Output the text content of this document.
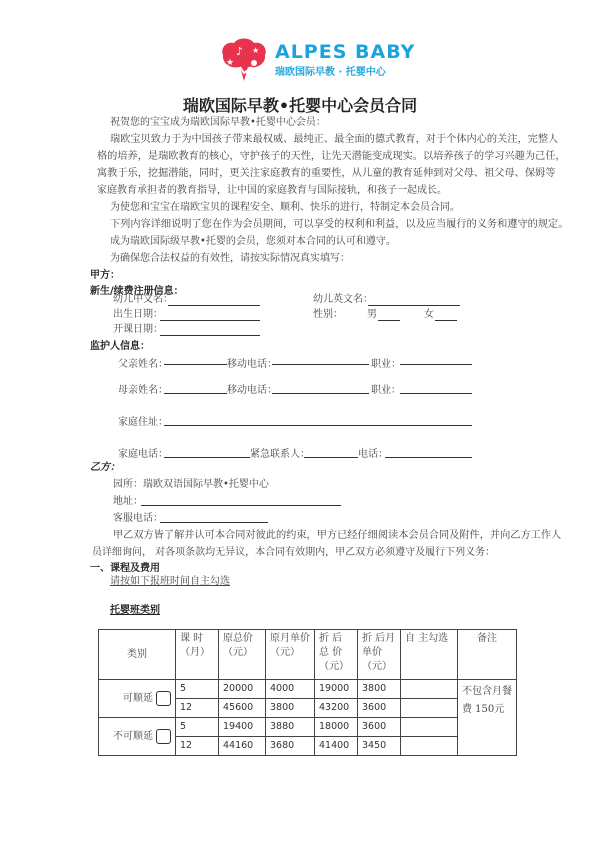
♪
★
★ ALPES BABY
瑞欧国际早教 · 托婴中心
瑞欧国际早教•托婴中心会员合同
祝贺您的宝宝成为瑞欧国际早教•托婴中心会员：
瑞欧宝贝致力于为中国孩子带来最权威、最纯正、最全面的德式教育，对于个体内心的关注，完整人
格的培养，是瑞欧教育的核心，守护孩子的天性，让先天潜能变成现实。以培养孩子的学习兴趣为己任，
寓教于乐，挖掘潜能，同时，更关注家庭教育的重要性，从儿童的教育延伸到对父母、祖父母、保姆等
家庭教育承担者的教育指导，让中国的家庭教育与国际接轨，和孩子一起成长。
为使您和宝宝在瑞欧宝贝的课程安全、顺利、快乐的进行，特制定本会员合同。
下列内容详细说明了您在作为会员期间，可以享受的权利和利益，以及应当履行的义务和遵守的规定。
成为瑞欧国际级早教•托婴的会员，您须对本合同的认可和遵守。
为确保您合法权益的有效性，请按实际情况真实填写：
甲方：
新生/续费注册信息：
幼儿中文名：	幼儿英文名：
出生日期：	性别： 男	女
开课日期：
监护人信息：
父亲姓名：	移动电话：	职业：
母亲姓名：	移动电话：	职业：
家庭住址：
家庭电话：	紧急联系人：	电话：
乙方：
园所：瑞欧双语国际早教•托婴中心
地址：
客服电话：
甲乙双方皆了解并认可本合同对彼此的约束，甲方已经仔细阅读本会员合同及附件，并向乙方工作人
员详细询问， 对各项条款均无异议，本合同有效期内，甲乙双方必须遵守及履行下列义务：
一、课程及费用
请按如下报班时间自主勾选
托婴班类别
类别	课 时（月）	原总价（元）	原月单价（元）	折 后 总 价（元）	折 后月单价（元）	自 主勾选	备注
可顺延	5	20000	4000	19000	3800		不包含月餐费 150元
	12	45600	3800	43200	3600		
不可顺延	5	19400	3880	18000	3600		
	12	44160	3680	41400	3450		
